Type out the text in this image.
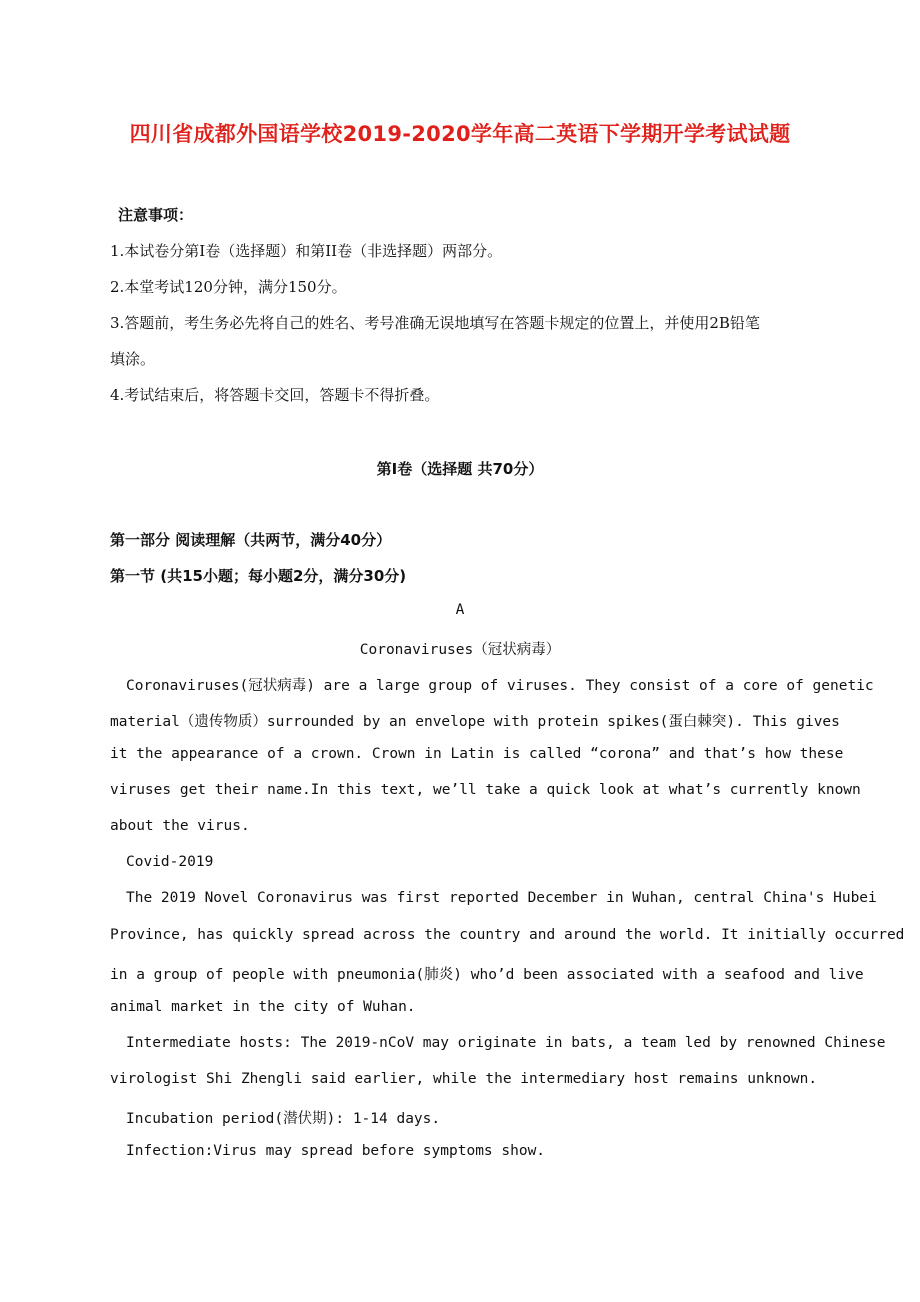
四川省成都外国语学校2019-2020学年高二英语下学期开学考试试题
注意事项：
1.本试卷分第Ⅰ卷（选择题）和第II卷（非选择题）两部分。
2.本堂考试120分钟，满分150分。
3.答题前，考生务必先将自己的姓名、考号准确无误地填写在答题卡规定的位置上，并使用2B铅笔
填涂。
4.考试结束后，将答题卡交回，答题卡不得折叠。
第Ⅰ卷（选择题 共70分）
第一部分 阅读理解（共两节，满分40分）
第一节 (共15小题；每小题2分，满分30分)
A
Coronaviruses（冠状病毒）
Coronaviruses(冠状病毒) are a large group of viruses. They consist of a core of genetic
material（遗传物质）surrounded by an envelope with protein spikes(蛋白棘突). This gives
it the appearance of a crown. Crown in Latin is called “corona” and that’s how these
viruses get their name.In this text, we’ll take a quick look at what’s currently known
about the virus.
Covid-2019
The 2019 Novel Coronavirus was first reported December in Wuhan, central China's Hubei
Province, has quickly spread across the country and around the world. It initially occurred
in a group of people with pneumonia(肺炎) who’d been associated with a seafood and live
animal market in the city of Wuhan.
Intermediate hosts: The 2019-nCoV may originate in bats, a team led by renowned Chinese
virologist Shi Zhengli said earlier, while the intermediary host remains unknown.
Incubation period(潜伏期): 1-14 days.
Infection:Virus may spread before symptoms show.
